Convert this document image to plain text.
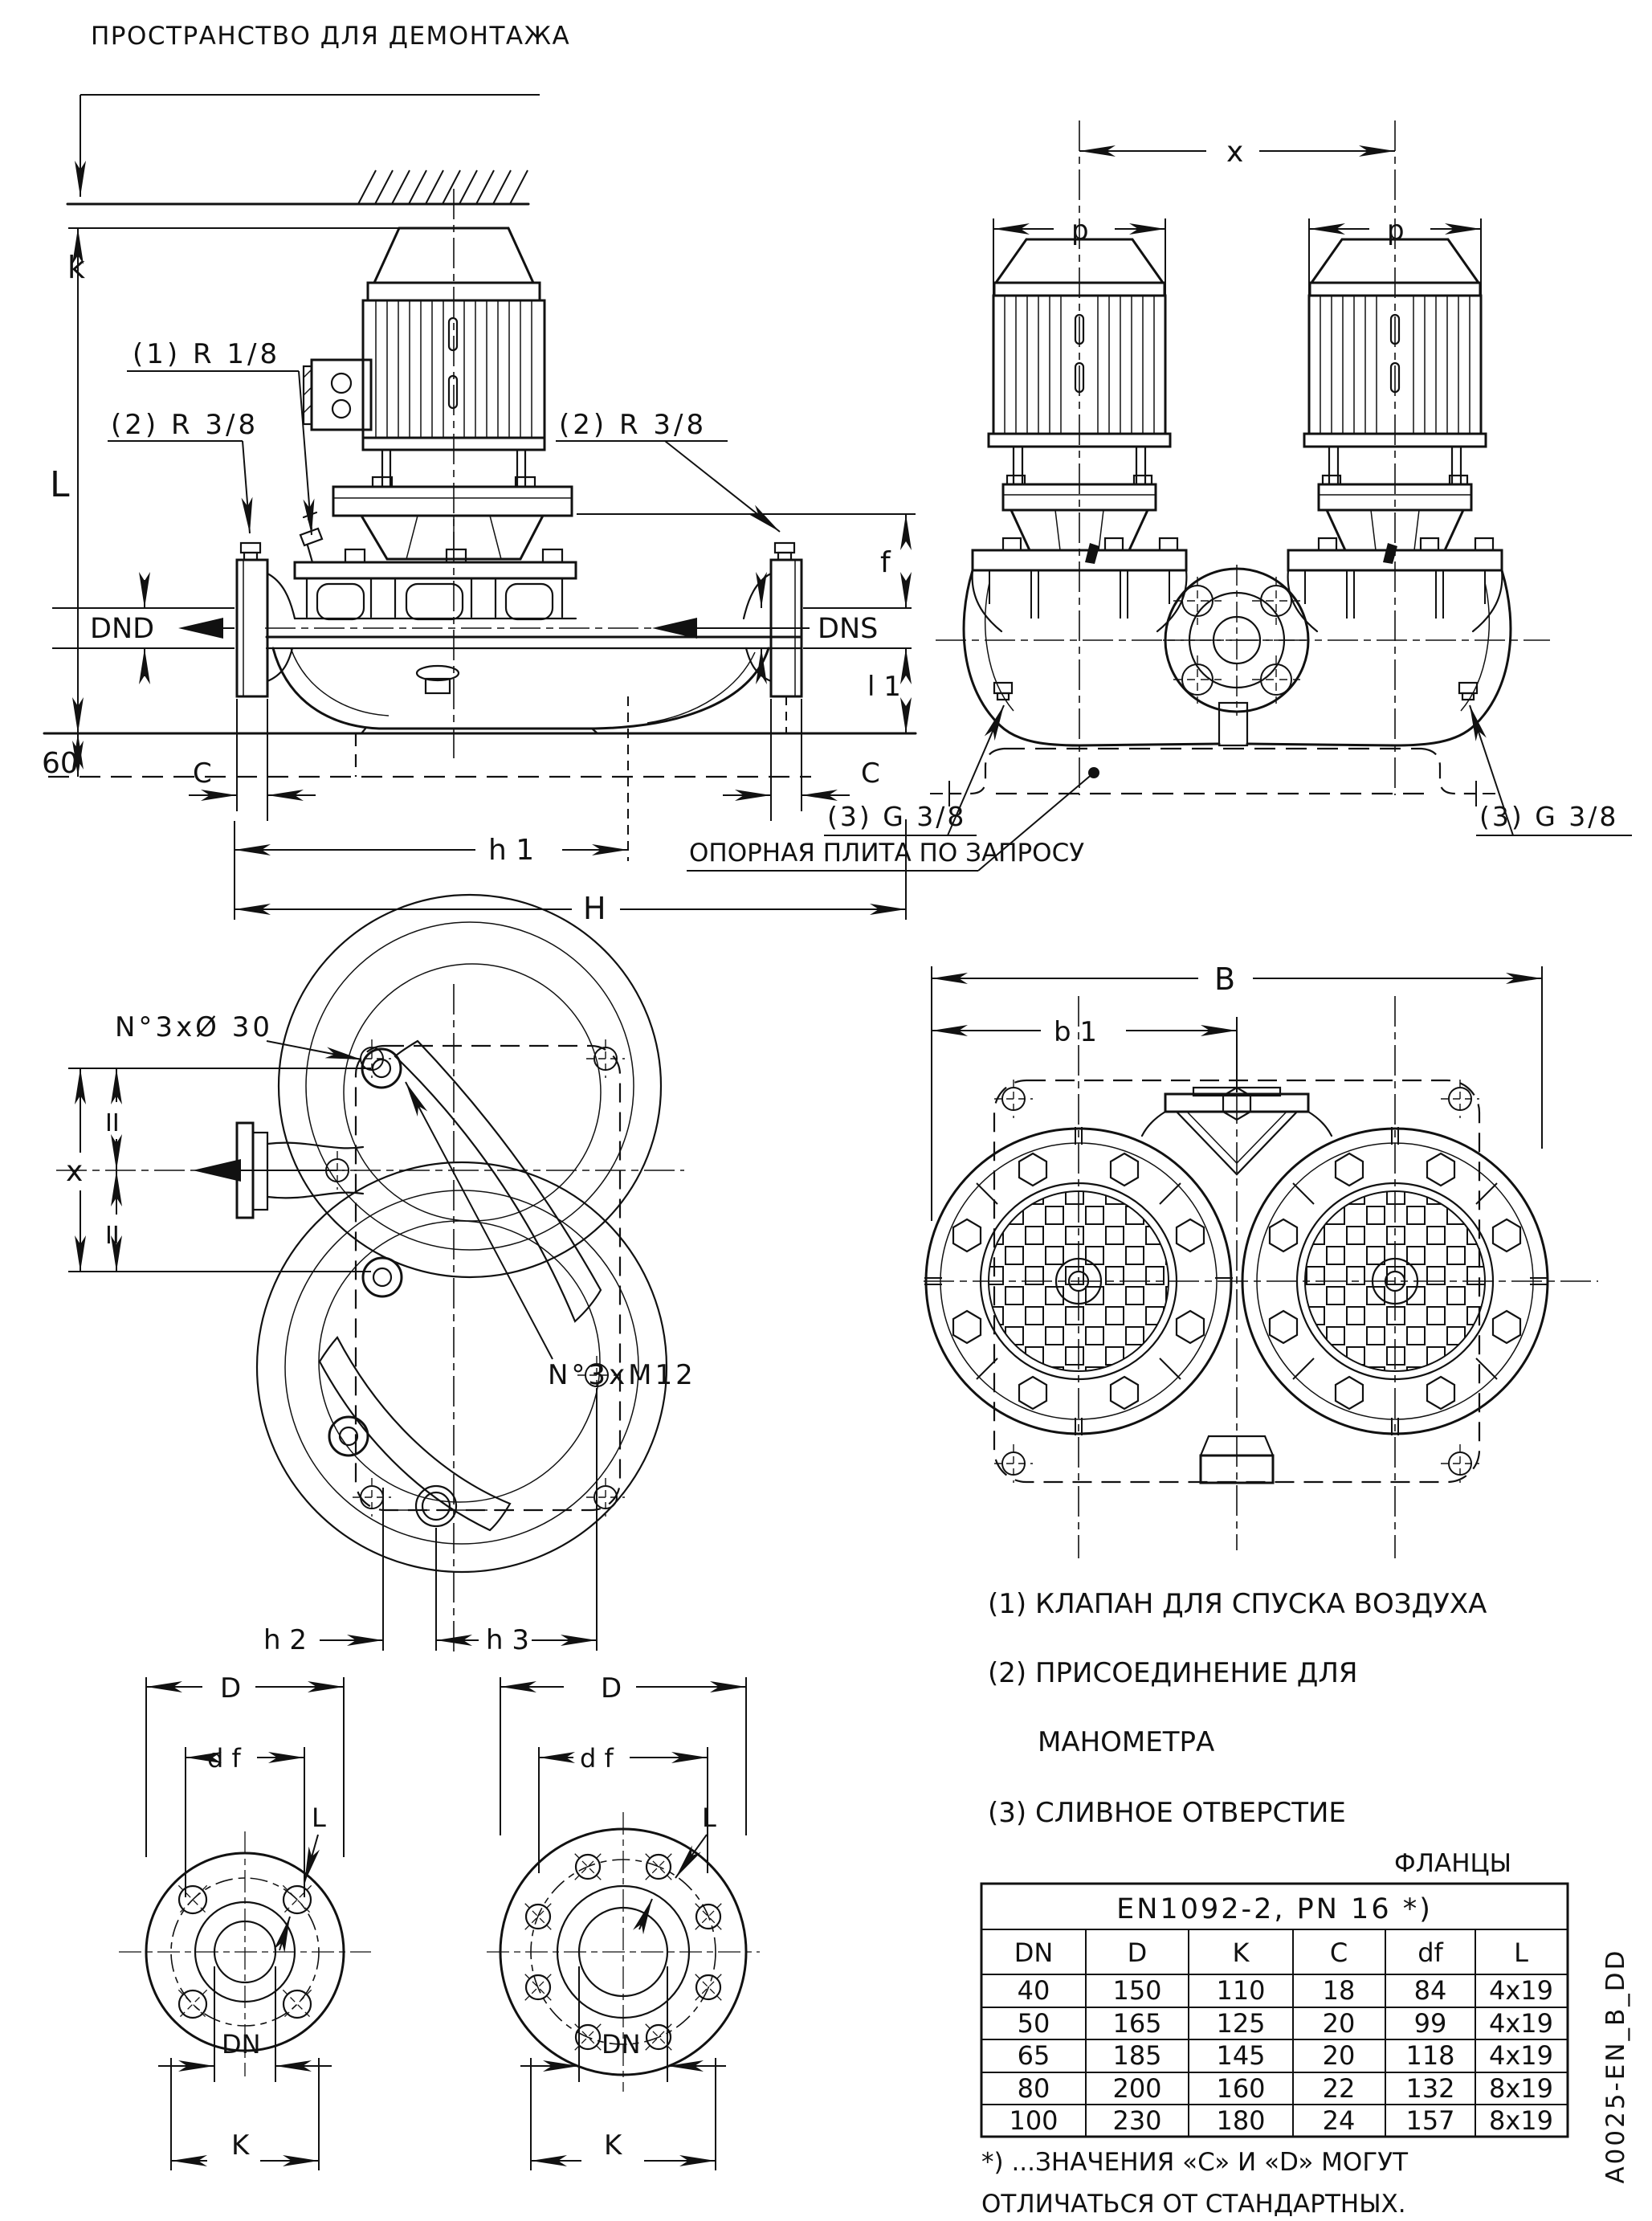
ПРОСТРАНСТВО ДЛЯ ДЕМОНТАЖА
k
L
(1) R 1/8
(2) R 3/8	(2) R 3/8
60
DND	DNS
f
l 1
C	C
h 1
H
x
p	p
(3) G 3/8	(3) G 3/8
ОПОРНАЯ ПЛИТА ПО ЗАПРОСУ
N°3xØ 30
N°3xM12
x
II
II
h 2	h 3
B
b 1
D
d f
L
DN
K
D
d f
L
DN
K
(1) КЛАПАН ДЛЯ СПУСКА ВОЗДУХА
(2) ПРИСОЕДИНЕНИЕ ДЛЯ
МАНОМЕТРА
(3) СЛИВНОЕ ОТВЕРСТИЕ
ФЛАНЦЫ
EN1092-2, PN 16 *)
DN	D	K	C	df	L
40 150 110 18 84 4x19
50 165 125 20 99 4x19
65 185 145 20 118 4x19
80 200 160 22 132 8x19
100 230 180 24 157 8x19
*) ...ЗНАЧЕНИЯ «C» И «D» МОГУТ
ОТЛИЧАТЬСЯ ОТ СТАНДАРТНЫХ.
A0025-EN_B_DD
